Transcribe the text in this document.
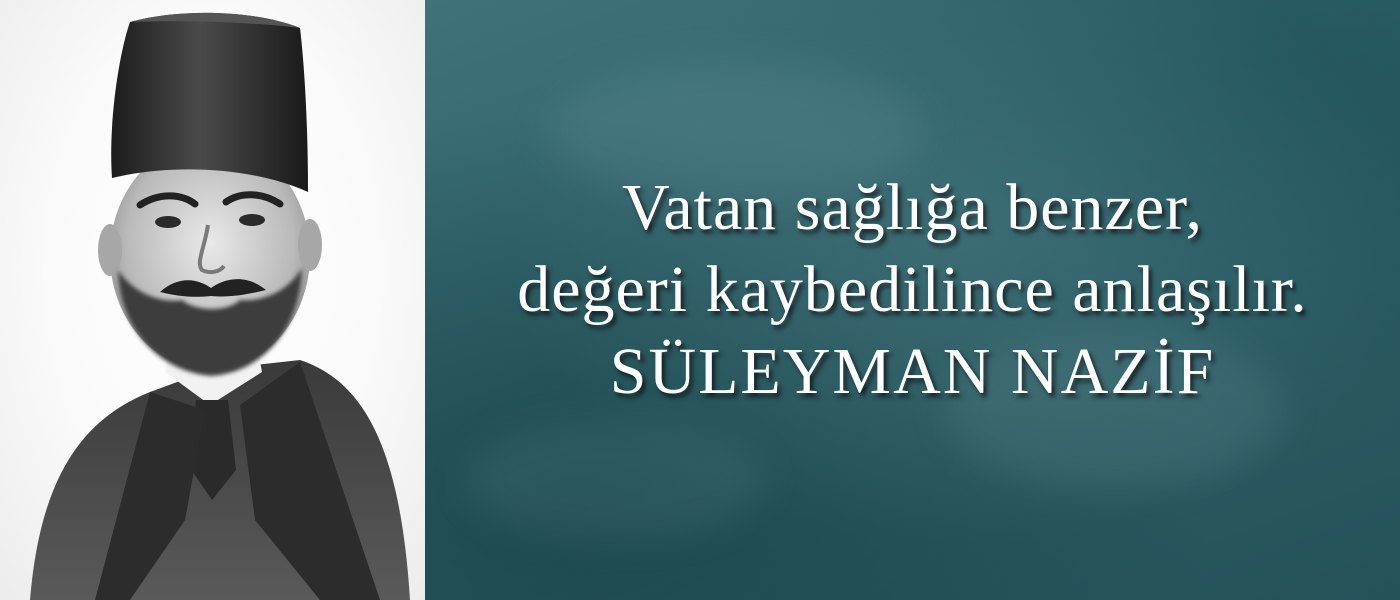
Vatan sağlığa benzer,
değeri kaybedilince anlaşılır.
SÜLEYMAN NAZİF
